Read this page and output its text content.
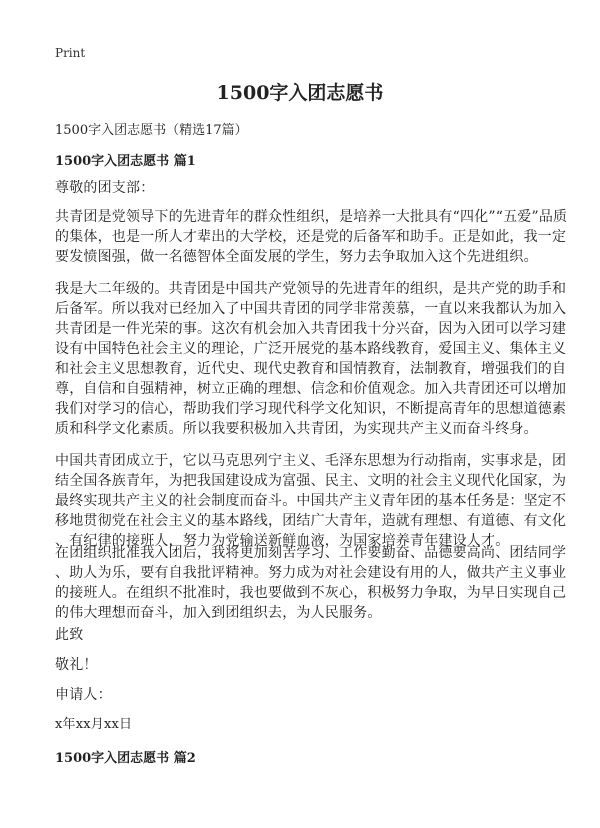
Print
1500字入团志愿书
1500字入团志愿书（精选17篇）
1500字入团志愿书 篇1
尊敬的团支部：
共青团是党领导下的先进青年的群众性组织，是培养一大批具有“四化”“五爱”品质
的集体，也是一所人才辈出的大学校，还是党的后备军和助手。正是如此，我一定
要发愤图强，做一名德智体全面发展的学生，努力去争取加入这个先进组织。
我是大二年级的。共青团是中国共产党领导的先进青年的组织，是共产党的助手和
后备军。所以我对已经加入了中国共青团的同学非常羡慕，一直以来我都认为加入
共青团是一件光荣的事。这次有机会加入共青团我十分兴奋，因为入团可以学习建
设有中国特色社会主义的理论，广泛开展党的基本路线教育，爱国主义、集体主义
和社会主义思想教育，近代史、现代史教育和国情教育，法制教育，增强我们的自
尊，自信和自强精神，树立正确的理想、信念和价值观念。加入共青团还可以增加
我们对学习的信心，帮助我们学习现代科学文化知识，不断提高青年的思想道德素
质和科学文化素质。所以我要积极加入共青团，为实现共产主义而奋斗终身。
中国共青团成立于，它以马克思列宁主义、毛泽东思想为行动指南，实事求是，团
结全国各族青年，为把我国建设成为富强、民主、文明的社会主义现代化国家，为
最终实现共产主义的社会制度而奋斗。中国共产主义青年团的基本任务是：坚定不
移地贯彻党在社会主义的基本路线，团结广大青年，造就有理想、有道德、有文化
、有纪律的接班人，努力为党输送新鲜血液，为国家培养青年建设人才。
在团组织批准我入团后，我将更加刻苦学习、工作要勤奋、品德要高尚、团结同学
、助人为乐，要有自我批评精神。努力成为对社会建设有用的人，做共产主义事业
的接班人。在组织不批准时，我也要做到不灰心，积极努力争取，为早日实现自己
的伟大理想而奋斗，加入到团组织去，为人民服务。
此致
敬礼！
申请人：
x年xx月xx日
1500字入团志愿书 篇2
